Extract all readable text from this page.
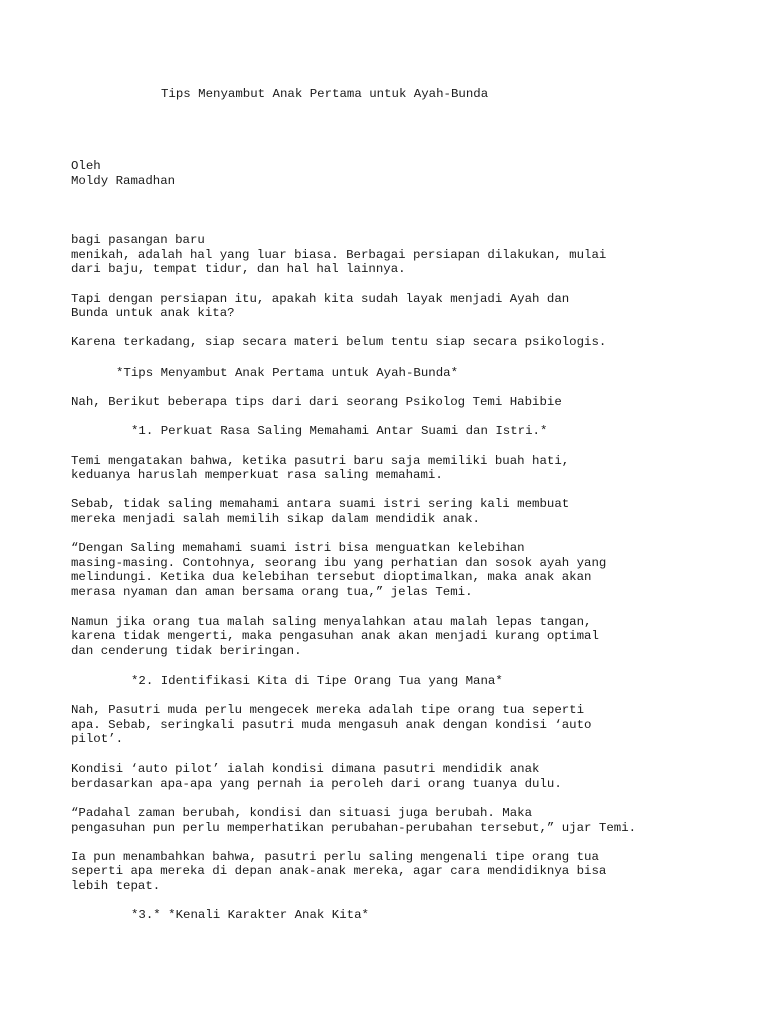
Tips Menyambut Anak Pertama untuk Ayah-Bunda

Oleh

Moldy Ramadhan

bagi pasangan baru

menikah, adalah hal yang luar biasa. Berbagai persiapan dilakukan, mulai

dari baju, tempat tidur, dan hal hal lainnya.

Tapi dengan persiapan itu, apakah kita sudah layak menjadi Ayah dan

Bunda untuk anak kita?

Karena terkadang, siap secara materi belum tentu siap secara psikologis.

*Tips Menyambut Anak Pertama untuk Ayah-Bunda*

Nah, Berikut beberapa tips dari dari seorang Psikolog Temi Habibie

*1. Perkuat Rasa Saling Memahami Antar Suami dan Istri.*

Temi mengatakan bahwa, ketika pasutri baru saja memiliki buah hati,

keduanya haruslah memperkuat rasa saling memahami.

Sebab, tidak saling memahami antara suami istri sering kali membuat

mereka menjadi salah memilih sikap dalam mendidik anak.

“Dengan Saling memahami suami istri bisa menguatkan kelebihan

masing-masing. Contohnya, seorang ibu yang perhatian dan sosok ayah yang

melindungi. Ketika dua kelebihan tersebut dioptimalkan, maka anak akan

merasa nyaman dan aman bersama orang tua,” jelas Temi.

Namun jika orang tua malah saling menyalahkan atau malah lepas tangan,

karena tidak mengerti, maka pengasuhan anak akan menjadi kurang optimal

dan cenderung tidak beriringan.

*2. Identifikasi Kita di Tipe Orang Tua yang Mana*

Nah, Pasutri muda perlu mengecek mereka adalah tipe orang tua seperti

apa. Sebab, seringkali pasutri muda mengasuh anak dengan kondisi ‘auto

pilot’.

Kondisi ‘auto pilot’ ialah kondisi dimana pasutri mendidik anak

berdasarkan apa-apa yang pernah ia peroleh dari orang tuanya dulu.

“Padahal zaman berubah, kondisi dan situasi juga berubah. Maka

pengasuhan pun perlu memperhatikan perubahan-perubahan tersebut,” ujar Temi.

Ia pun menambahkan bahwa, pasutri perlu saling mengenali tipe orang tua

seperti apa mereka di depan anak-anak mereka, agar cara mendidiknya bisa

lebih tepat.

*3.* *Kenali Karakter Anak Kita*
